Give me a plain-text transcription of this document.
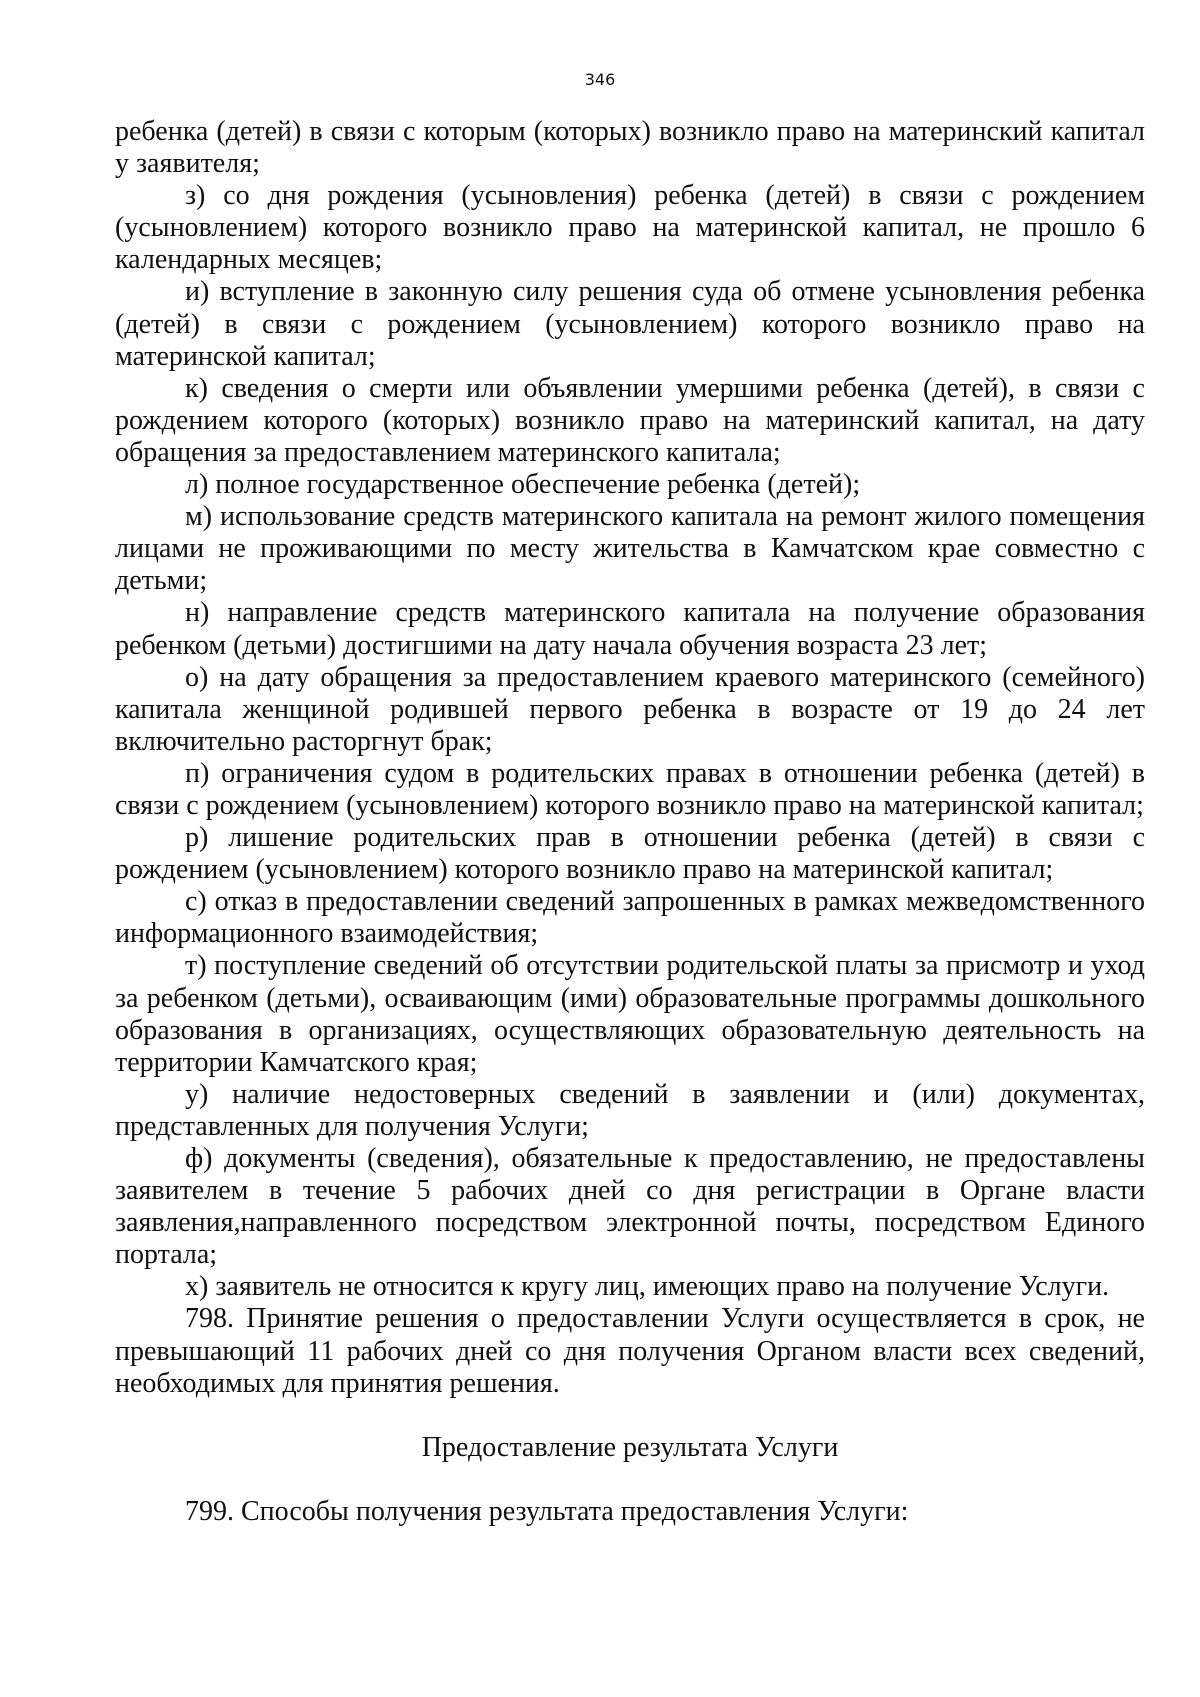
346

ребенка (детей) в связи с которым (которых) возникло право на материнский капитал у заявителя;

з) со дня рождения (усыновления) ребенка (детей) в связи с рождением (усыновлением) которого возникло право на материнской капитал, не прошло 6 календарных месяцев;

и) вступление в законную силу решения суда об отмене усыновления ребенка (детей) в связи с рождением (усыновлением) которого возникло право на материнской капитал;

к) сведения о смерти или объявлении умершими ребенка (детей), в связи с рождением которого (которых) возникло право на материнский капитал, на дату обращения за предоставлением материнского капитала;

л) полное государственное обеспечение ребенка (детей);

м) использование средств материнского капитала на ремонт жилого помещения лицами не проживающими по месту жительства в Камчатском крае совместно с детьми;

н) направление средств материнского капитала на получение образования ребенком (детьми) достигшими на дату начала обучения возраста 23 лет;

о) на дату обращения за предоставлением краевого материнского (семейного) капитала женщиной родившей первого ребенка в возрасте от 19 до 24 лет включительно расторгнут брак;

п) ограничения судом в родительских правах в отношении ребенка (детей) в связи с рождением (усыновлением) которого возникло право на материнской капитал;

р) лишение родительских прав в отношении ребенка (детей) в связи с рождением (усыновлением) которого возникло право на материнской капитал;

с) отказ в предоставлении сведений запрошенных в рамках межведомственного информационного взаимодействия;

т) поступление сведений об отсутствии родительской платы за присмотр и уход за ребенком (детьми), осваивающим (ими) образовательные программы дошкольного образования в организациях, осуществляющих образовательную деятельность на территории Камчатского края;

у) наличие недостоверных сведений в заявлении и (или) документах, представленных для получения Услуги;

ф) документы (сведения), обязательные к предоставлению, не предоставлены заявителем в течение 5 рабочих дней со дня регистрации в Органе власти заявления,направленного посредством электронной почты, посредством Единого портала;

х) заявитель не относится к кругу лиц, имеющих право на получение Услуги.

798. Принятие решения о предоставлении Услуги осуществляется в срок, не превышающий 11 рабочих дней со дня получения Органом власти всех сведений, необходимых для принятия решения.

Предоставление результата Услуги

799. Способы получения результата предоставления Услуги:
